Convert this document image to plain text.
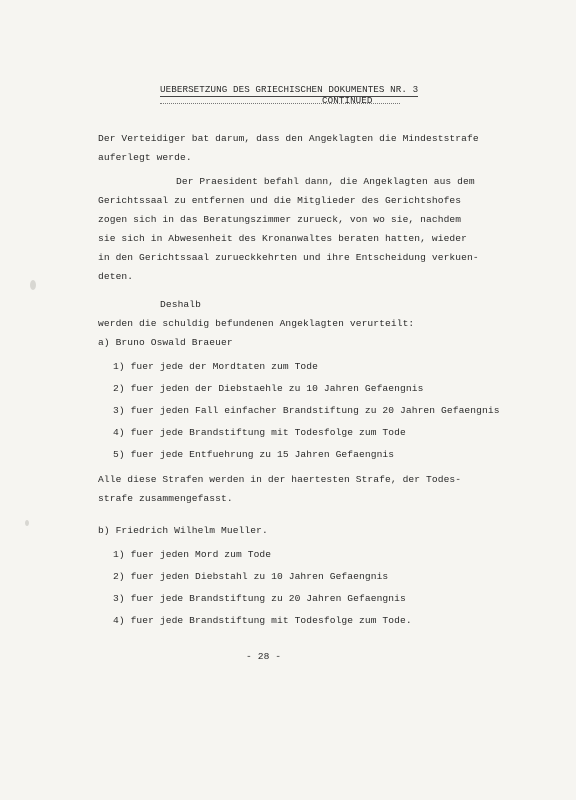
UEBERSETZUNG DES GRIECHISCHEN DOKUMENTES NR. 3
CONTINUED
Der Verteidiger bat darum, dass den Angeklagten die Mindeststrafe
auferlegt werde.
Der Praesident befahl dann, die Angeklagten aus dem
Gerichtssaal zu entfernen und die Mitglieder des Gerichtshofes
zogen sich in das Beratungszimmer zurueck, von wo sie, nachdem
sie sich in Abwesenheit des Kronanwaltes beraten hatten, wieder
in den Gerichtssaal zurueckkehrten und ihre Entscheidung verkuen-
deten.
Deshalb
werden die schuldig befundenen Angeklagten verurteilt:
a) Bruno Oswald Braeuer
1) fuer jede der Mordtaten zum Tode
2) fuer jeden der Diebstaehle zu 10 Jahren Gefaengnis
3) fuer jeden Fall einfacher Brandstiftung zu 20 Jahren Gefaengnis
4) fuer jede Brandstiftung mit Todesfolge zum Tode
5) fuer jede Entfuehrung zu 15 Jahren Gefaengnis
Alle diese Strafen werden in der haertesten Strafe, der Todes-
strafe zusammengefasst.
b) Friedrich Wilhelm Mueller.
1) fuer jeden Mord zum Tode
2) fuer jeden Diebstahl zu 10 Jahren Gefaengnis
3) fuer jede Brandstiftung zu 20 Jahren Gefaengnis
4) fuer jede Brandstiftung mit Todesfolge zum Tode.
- 28 -
